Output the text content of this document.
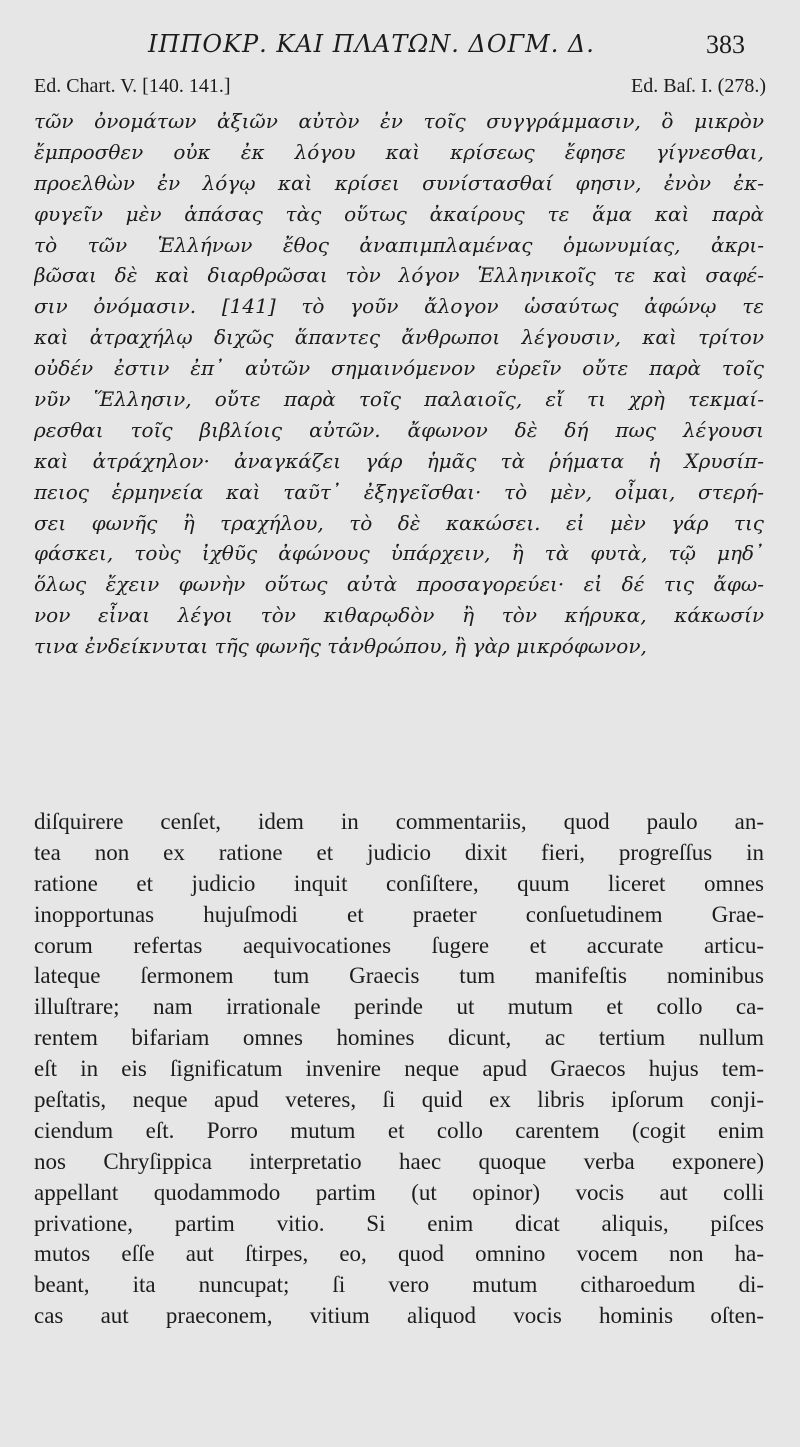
ΙΠΠΟΚΡ. ΚΑΙ ΠΛΑΤΩΝ. ΔΟΓΜ. Δ.	383
Ed. Chart. V. [140. 141.]	Ed. Baſ. I. (278.)
τῶν ὀνομάτων ἀξιῶν αὐτὸν ἐν τοῖς συγγράμμασιν, ὃ μικρὸν
ἔμπροσθεν οὐκ ἐκ λόγου καὶ κρίσεως ἔφησε γίγνεσθαι,
προελθὼν ἐν λόγῳ καὶ κρίσει συνίστασθαί φησιν, ἐνὸν ἐκ-
φυγεῖν μὲν ἁπάσας τὰς οὕτως ἀκαίρους τε ἅμα καὶ παρὰ
τὸ τῶν Ἑλλήνων ἔθος ἀναπιμπλαμένας ὁμωνυμίας, ἀκρι-
βῶσαι δὲ καὶ διαρθρῶσαι τὸν λόγον Ἑλληνικοῖς τε καὶ σαφέ-
σιν ὀνόμασιν. [141] τὸ γοῦν ἄλογον ὡσαύτως ἀφώνῳ τε
καὶ ἀτραχήλῳ διχῶς ἅπαντες ἄνθρωποι λέγουσιν, καὶ τρίτον
οὐδέν ἐστιν ἐπ᾽ αὐτῶν σημαινόμενον εὑρεῖν οὔτε παρὰ τοῖς
νῦν Ἕλλησιν, οὔτε παρὰ τοῖς παλαιοῖς, εἴ τι χρὴ τεκμαί-
ρεσθαι τοῖς βιβλίοις αὐτῶν. ἄφωνον δὲ δή πως λέγουσι
καὶ ἀτράχηλον· ἀναγκάζει γάρ ἡμᾶς τὰ ῥήματα ἡ Χρυσίπ-
πειος ἑρμηνεία καὶ ταῦτ᾽ ἐξηγεῖσθαι· τὸ μὲν, οἶμαι, στερή-
σει φωνῆς ἢ τραχήλου, τὸ δὲ κακώσει. εἰ μὲν γάρ τις
φάσκει, τοὺς ἰχθῦς ἀφώνους ὑπάρχειν, ἢ τὰ φυτὰ, τῷ μηδ᾽
ὅλως ἔχειν φωνὴν οὕτως αὐτὰ προσαγορεύει· εἰ δέ τις ἄφω-
νον εἶναι λέγοι τὸν κιθαρῳδὸν ἢ τὸν κήρυκα, κάκωσίν
τινα ἐνδείκνυται τῆς φωνῆς τἀνθρώπου, ἢ γὰρ μικρόφωνον,
diſquirere cenſet, idem in commentariis, quod paulo an-
tea non ex ratione et judicio dixit fieri, progreſſus in
ratione et judicio inquit conſiſtere, quum liceret omnes
inopportunas hujuſmodi et praeter conſuetudinem Grae-
corum refertas aequivocationes ſugere et accurate articu-
lateque ſermonem tum Graecis tum manifeſtis nominibus
illuſtrare; nam irrationale perinde ut mutum et collo ca-
rentem bifariam omnes homines dicunt, ac tertium nullum
eſt in eis ſignificatum invenire neque apud Graecos hujus tem-
peſtatis, neque apud veteres, ſi quid ex libris ipſorum conji-
ciendum eſt. Porro mutum et collo carentem (cogit enim
nos Chryſippica interpretatio haec quoque verba exponere)
appellant quodammodo partim (ut opinor) vocis aut colli
privatione, partim vitio. Si enim dicat aliquis, piſces
mutos eſſe aut ſtirpes, eo, quod omnino vocem non ha-
beant, ita nuncupat; ſi vero mutum citharoedum di-
cas aut praeconem, vitium aliquod vocis hominis oſten-
